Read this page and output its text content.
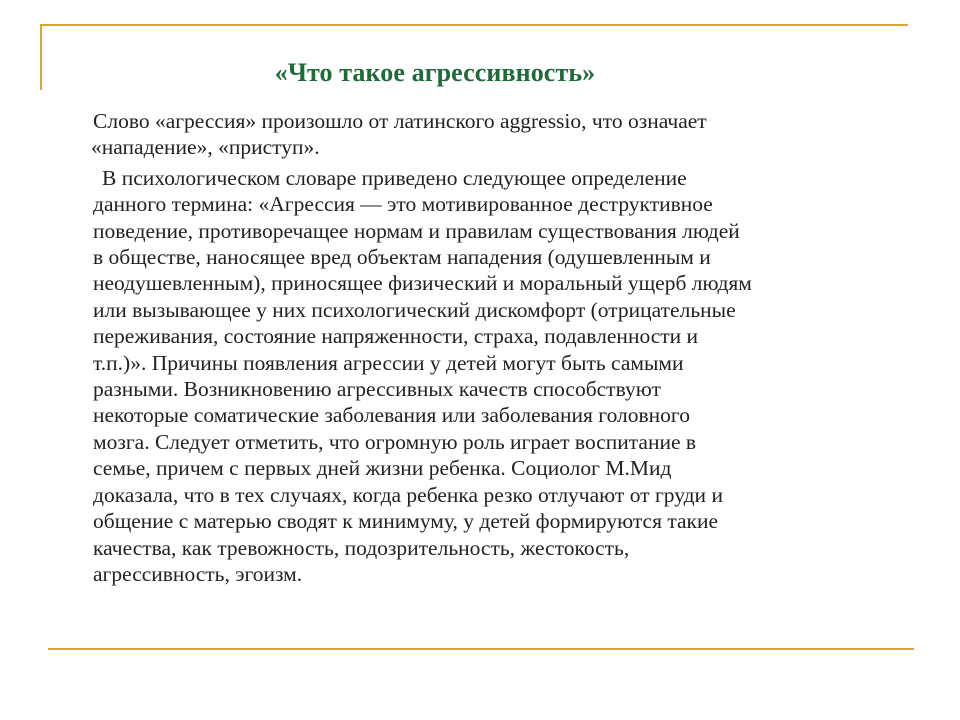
«Что такое агрессивность»

Слово «агрессия» произошло от латинского aggressio, что означает
«нападение», «приступ».

В психологическом словаре приведено следующее определение
данного термина: «Агрессия — это мотивированное деструктивное
поведение, противоречащее нормам и правилам существования людей
в обществе, наносящее вред объектам нападения (одушевленным и
неодушевленным), приносящее физический и моральный ущерб людям
или вызывающее у них психологический дискомфорт (отрицательные
переживания, состояние напряженности, страха, подавленности и
т.п.)». Причины появления агрессии у детей могут быть самыми
разными. Возникновению агрессивных качеств способствуют
некоторые соматические заболевания или заболевания головного
мозга. Следует отметить, что огромную роль играет воспитание в
семье, причем с первых дней жизни ребенка. Социолог М.Мид
доказала, что в тех случаях, когда ребенка резко отлучают от груди и
общение с матерью сводят к минимуму, у детей формируются такие
качества, как тревожность, подозрительность, жестокость,
агрессивность, эгоизм.
